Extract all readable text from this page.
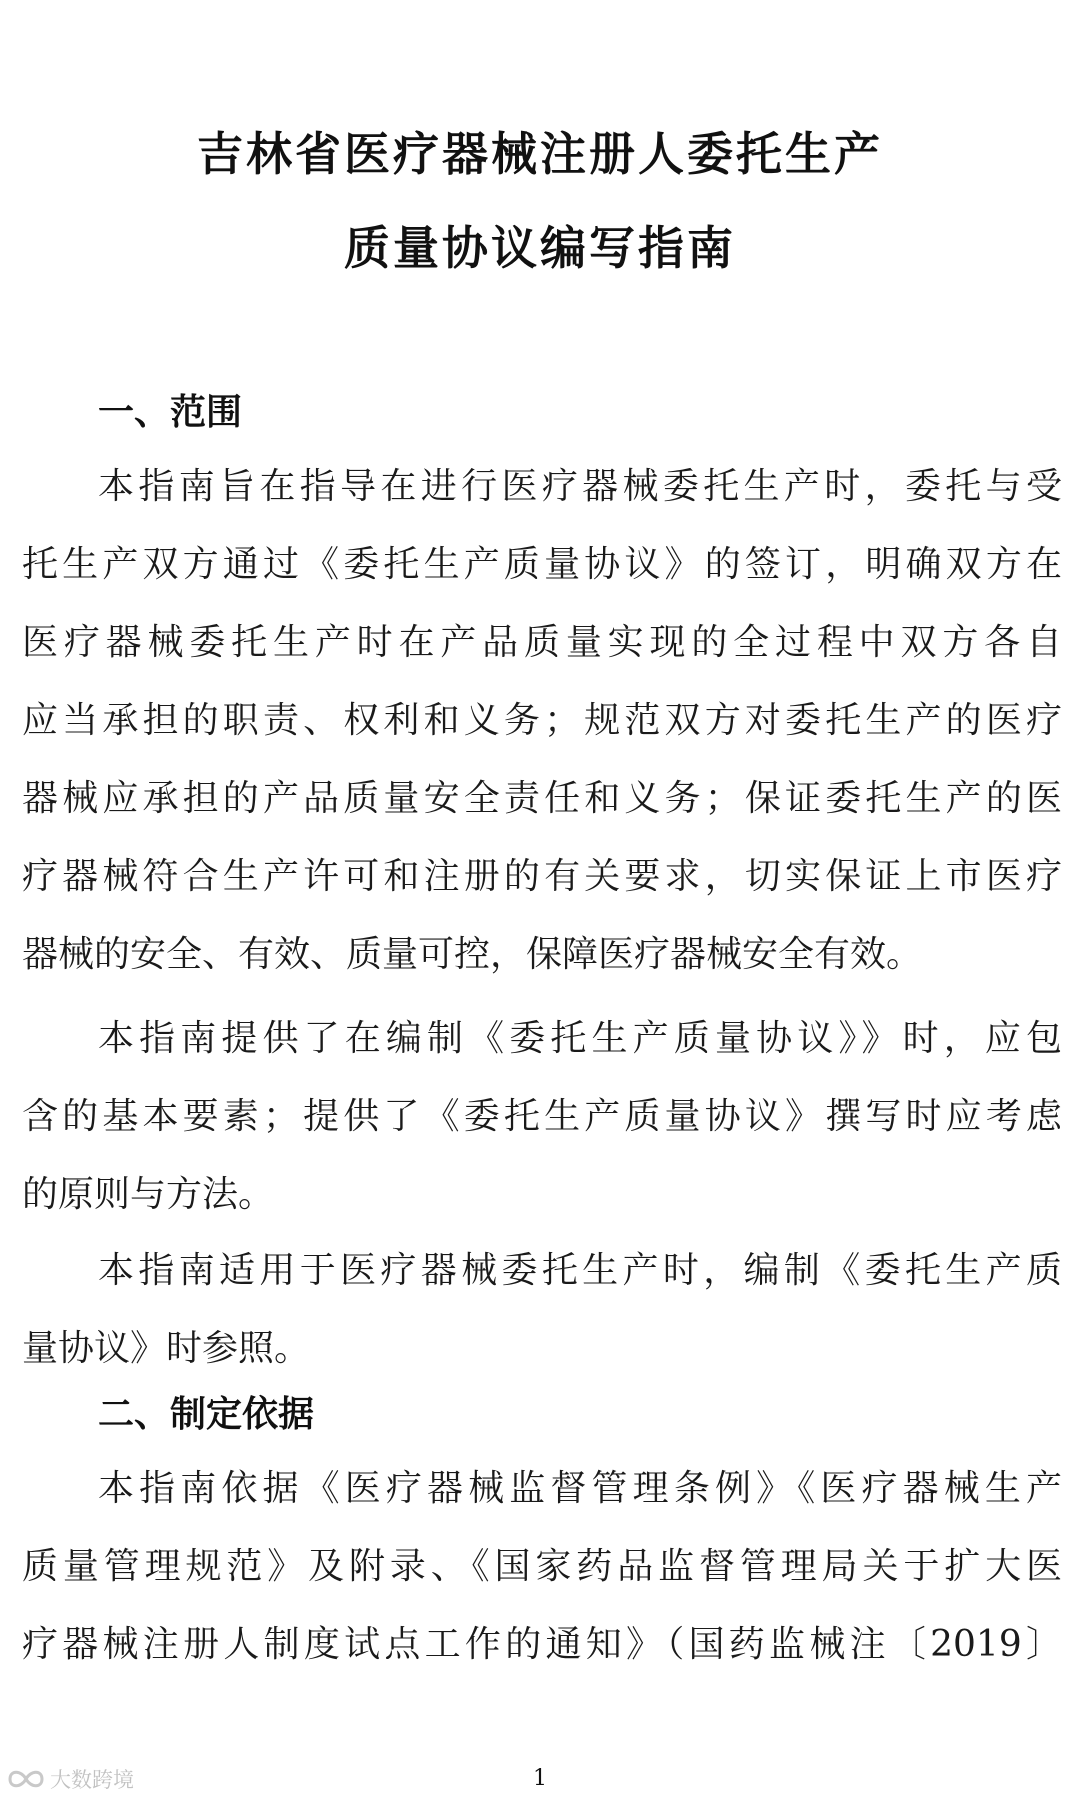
吉林省医疗器械注册人委托生产
质量协议编写指南
一、范围
本指南旨在指导在进行医疗器械委托生产时，委托与受
托生产双方通过《委托生产质量协议》的签订，明确双方在
医疗器械委托生产时在产品质量实现的全过程中双方各自
应当承担的职责、权利和义务；规范双方对委托生产的医疗
器械应承担的产品质量安全责任和义务；保证委托生产的医
疗器械符合生产许可和注册的有关要求，切实保证上市医疗
器械的安全、有效、质量可控，保障医疗器械安全有效。
本指南提供了在编制《委托生产质量协议》》时，应包
含的基本要素；提供了《委托生产质量协议》撰写时应考虑
的原则与方法。
本指南适用于医疗器械委托生产时，编制《委托生产质
量协议》时参照。
二、制定依据
本指南依据《医疗器械监督管理条例》《医疗器械生产
质量管理规范》及附录、《国家药品监督管理局关于扩大医
疗器械注册人制度试点工作的通知》（国药监械注〔2019〕
大数跨境	1
